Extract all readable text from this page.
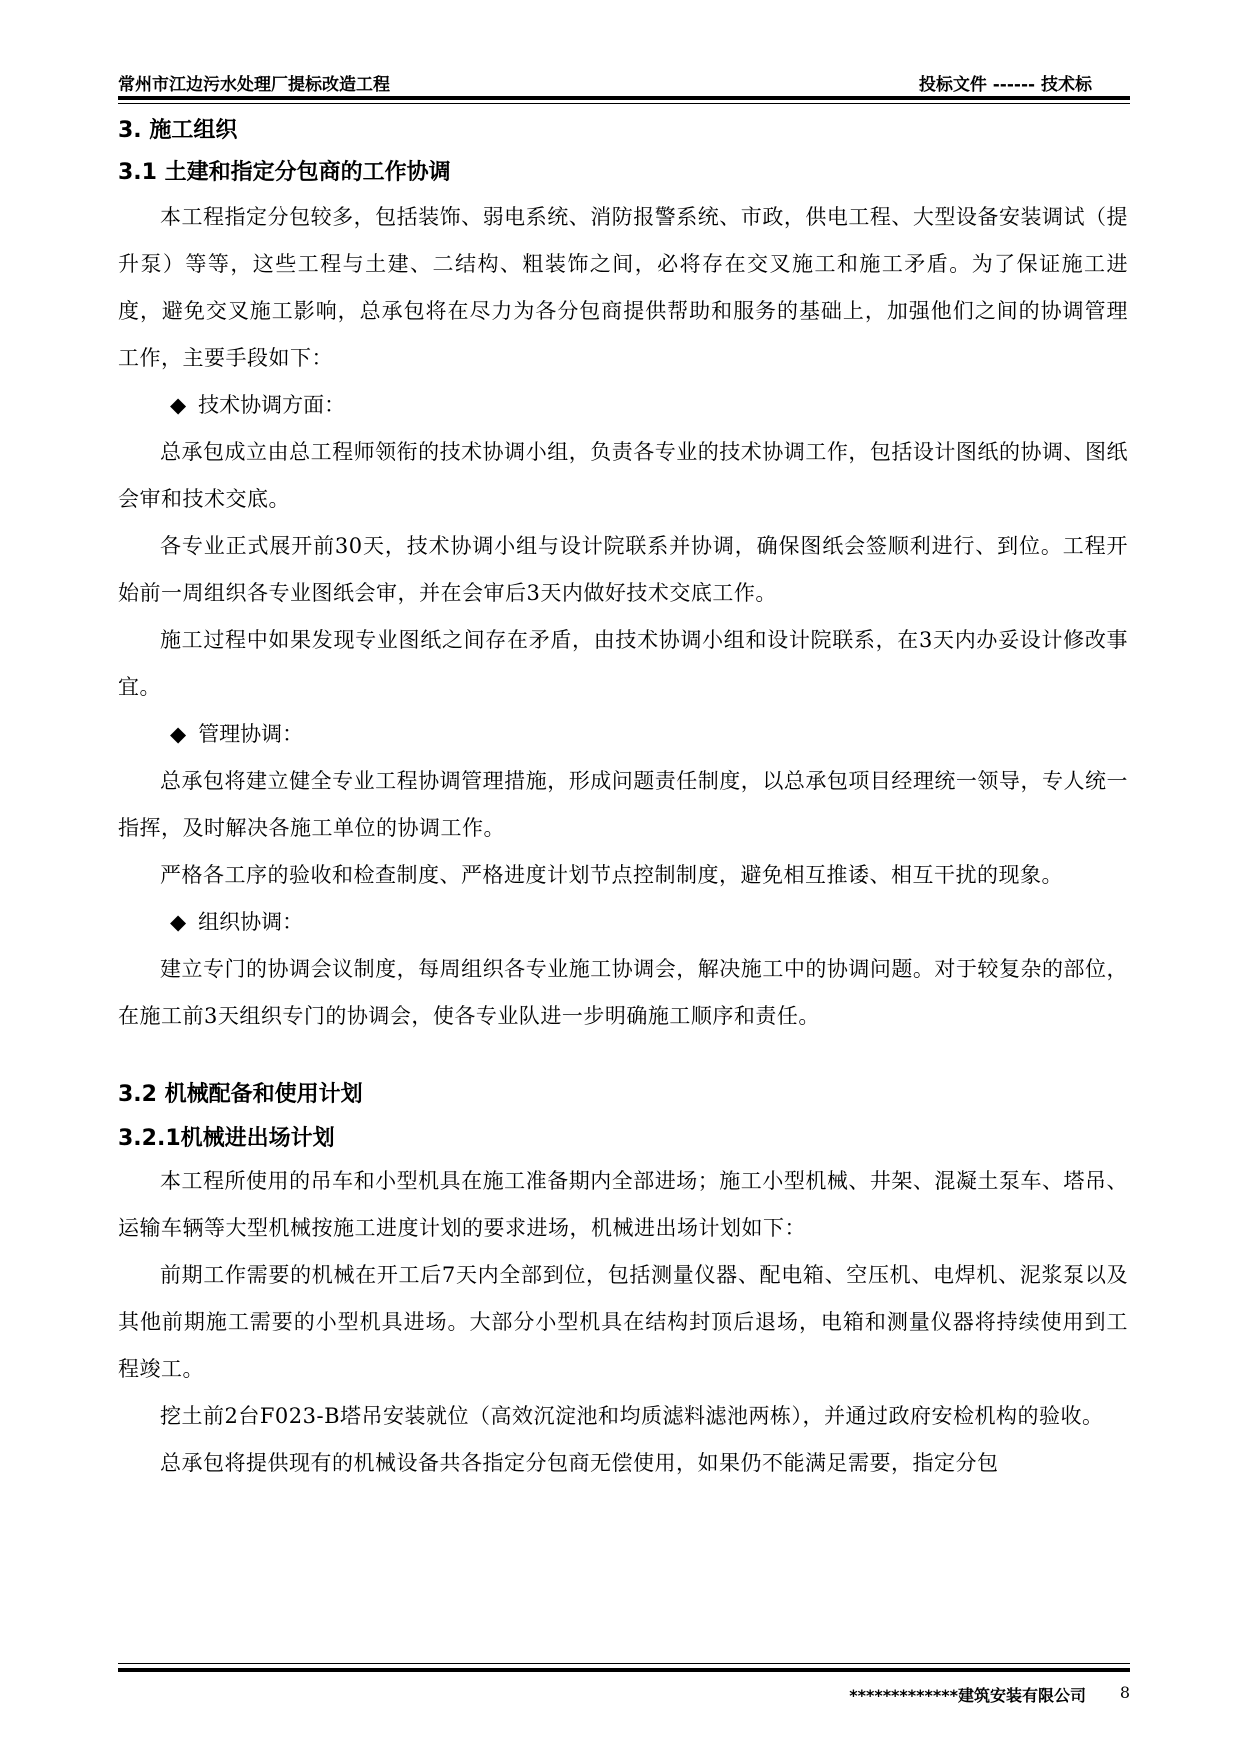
常州市江边污水处理厂提标改造工程	投标文件 ------ 技术标

3. 施工组织

3.1 土建和指定分包商的工作协调

本工程指定分包较多，包括装饰、弱电系统、消防报警系统、市政，供电工程、大型设备安装调试（提升泵）等等，这些工程与土建、二结构、粗装饰之间，必将存在交叉施工和施工矛盾。为了保证施工进度，避免交叉施工影响，总承包将在尽力为各分包商提供帮助和服务的基础上，加强他们之间的协调管理工作，主要手段如下：

◆ 技术协调方面：

总承包成立由总工程师领衔的技术协调小组，负责各专业的技术协调工作，包括设计图纸的协调、图纸会审和技术交底。

各专业正式展开前30天，技术协调小组与设计院联系并协调，确保图纸会签顺利进行、到位。工程开始前一周组织各专业图纸会审，并在会审后3天内做好技术交底工作。

施工过程中如果发现专业图纸之间存在矛盾，由技术协调小组和设计院联系，在3天内办妥设计修改事宜。

◆ 管理协调：

总承包将建立健全专业工程协调管理措施，形成问题责任制度，以总承包项目经理统一领导，专人统一指挥，及时解决各施工单位的协调工作。

严格各工序的验收和检查制度、严格进度计划节点控制制度，避免相互推诿、相互干扰的现象。

◆ 组织协调：

建立专门的协调会议制度，每周组织各专业施工协调会，解决施工中的协调问题。对于较复杂的部位，在施工前3天组织专门的协调会，使各专业队进一步明确施工顺序和责任。

3.2 机械配备和使用计划

3.2.1机械进出场计划

本工程所使用的吊车和小型机具在施工准备期内全部进场；施工小型机械、井架、混凝土泵车、塔吊、运输车辆等大型机械按施工进度计划的要求进场，机械进出场计划如下：

前期工作需要的机械在开工后7天内全部到位，包括测量仪器、配电箱、空压机、电焊机、泥浆泵以及其他前期施工需要的小型机具进场。大部分小型机具在结构封顶后退场，电箱和测量仪器将持续使用到工程竣工。

挖土前2台F023-B塔吊安装就位（高效沉淀池和均质滤料滤池两栋），并通过政府安检机构的验收。

总承包将提供现有的机械设备共各指定分包商无偿使用，如果仍不能满足需要，指定分包

*************建筑安装有限公司 8
